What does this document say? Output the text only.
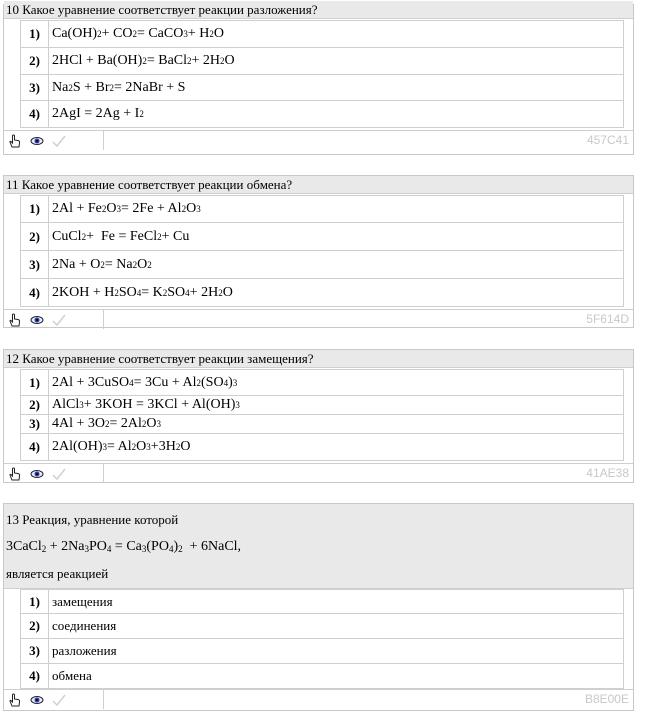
10 Какое уравнение соответствует реакции разложения?
1) Ca(OH) 2 + CO 2 = CaCO 3 + H 2 O
2) 2HCl + Ba(OH) 2 = BaCl 2 + 2H 2 O
3) Na 2 S + Br 2 = 2NaBr + S
4) 2AgI = 2Ag + I 2
457C41
11 Какое уравнение соответствует реакции обмена?
1) 2Al + Fe 2 O 3 = 2Fe + Al 2 O 3
2) CuCl 2 +  Fe = FeCl 2 + Cu
3) 2Na + O 2 = Na 2 O 2
4) 2KOH + H 2 SO 4 = K 2 SO 4 + 2H 2 O
5F614D
12 Какое уравнение соответствует реакции замещения?
1) 2Al + 3CuSO 4 = 3Cu + Al 2 (SO 4 ) 3
2) AlCl 3 + 3KOH = 3KCl + Al(OH) 3
3) 4Al + 3O 2 = 2Al 2 O 3
4) 2Al(OH) 3 = Al 2 O 3 +3H 2 O
41AE38
13 Реакция, уравнение которой
3CaCl$_2$ + $2Na_3PO_4 = Ca_3(PO_4)_2$  + 6NaCl,
является реакцией
1) замещения
2) соединения
3) разложения
4) обмена
B8E00E
